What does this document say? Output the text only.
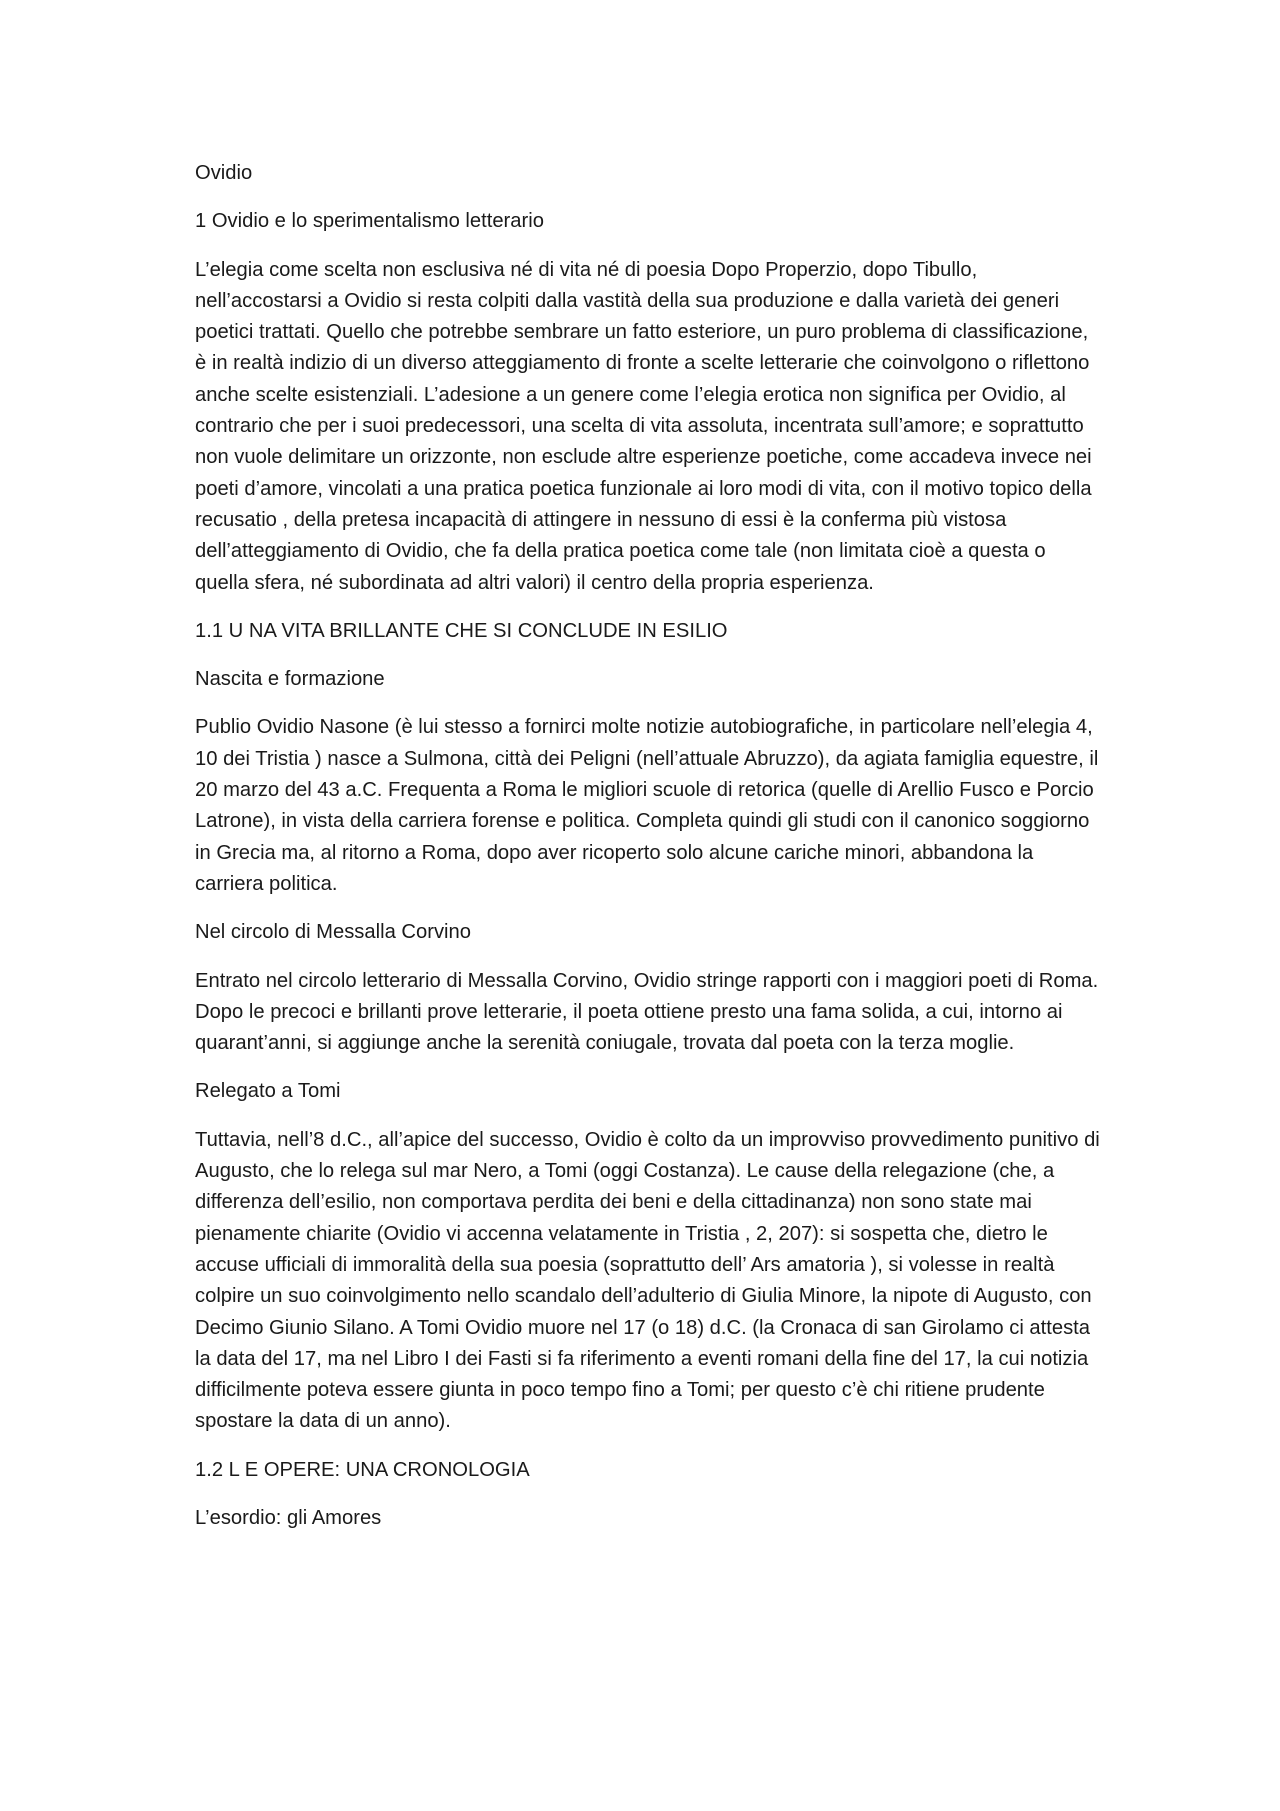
Ovidio

1 Ovidio e lo sperimentalismo letterario

L’elegia come scelta non esclusiva né di vita né di poesia Dopo Properzio, dopo Tibullo, nell’accostarsi a Ovidio si resta colpiti dalla vastità della sua produzione e dalla varietà dei generi poetici trattati. Quello che potrebbe sembrare un fatto esteriore, un puro problema di classificazione, è in realtà indizio di un diverso atteggiamento di fronte a scelte letterarie che coinvolgono o riflettono anche scelte esistenziali. L’adesione a un genere come l’elegia erotica non significa per Ovidio, al contrario che per i suoi predecessori, una scelta di vita assoluta, incentrata sull’amore; e soprattutto non vuole delimitare un orizzonte, non esclude altre esperienze poetiche, come accadeva invece nei poeti d’amore, vincolati a una pratica poetica funzionale ai loro modi di vita, con il motivo topico della recusatio , della pretesa incapacità di attingere in nessuno di essi è la conferma più vistosa dell’atteggiamento di Ovidio, che fa della pratica poetica come tale (non limitata cioè a questa o quella sfera, né subordinata ad altri valori) il centro della propria esperienza.

1.1 U NA VITA BRILLANTE CHE SI CONCLUDE IN ESILIO

Nascita e formazione

Publio Ovidio Nasone (è lui stesso a fornirci molte notizie autobiografiche, in particolare nell’elegia 4, 10 dei Tristia ) nasce a Sulmona, città dei Peligni (nell’attuale Abruzzo), da agiata famiglia equestre, il 20 marzo del 43 a.C. Frequenta a Roma le migliori scuole di retorica (quelle di Arellio Fusco e Porcio Latrone), in vista della carriera forense e politica. Completa quindi gli studi con il canonico soggiorno in Grecia ma, al ritorno a Roma, dopo aver ricoperto solo alcune cariche minori, abbandona la carriera politica.

Nel circolo di Messalla Corvino

Entrato nel circolo letterario di Messalla Corvino, Ovidio stringe rapporti con i maggiori poeti di Roma. Dopo le precoci e brillanti prove letterarie, il poeta ottiene presto una fama solida, a cui, intorno ai quarant’anni, si aggiunge anche la serenità coniugale, trovata dal poeta con la terza moglie.

Relegato a Tomi

Tuttavia, nell’8 d.C., all’apice del successo, Ovidio è colto da un improvviso provvedimento punitivo di Augusto, che lo relega sul mar Nero, a Tomi (oggi Costanza). Le cause della relegazione (che, a differenza dell’esilio, non comportava perdita dei beni e della cittadinanza) non sono state mai pienamente chiarite (Ovidio vi accenna velatamente in Tristia , 2, 207): si sospetta che, dietro le accuse ufficiali di immoralità della sua poesia (soprattutto dell’ Ars amatoria ), si volesse in realtà colpire un suo coinvolgimento nello scandalo dell’adulterio di Giulia Minore, la nipote di Augusto, con Decimo Giunio Silano. A Tomi Ovidio muore nel 17 (o 18) d.C. (la Cronaca di san Girolamo ci attesta la data del 17, ma nel Libro I dei Fasti si fa riferimento a eventi romani della fine del 17, la cui notizia difficilmente poteva essere giunta in poco tempo fino a Tomi; per questo c’è chi ritiene prudente spostare la data di un anno).

1.2 L E OPERE: UNA CRONOLOGIA

L’esordio: gli Amores
